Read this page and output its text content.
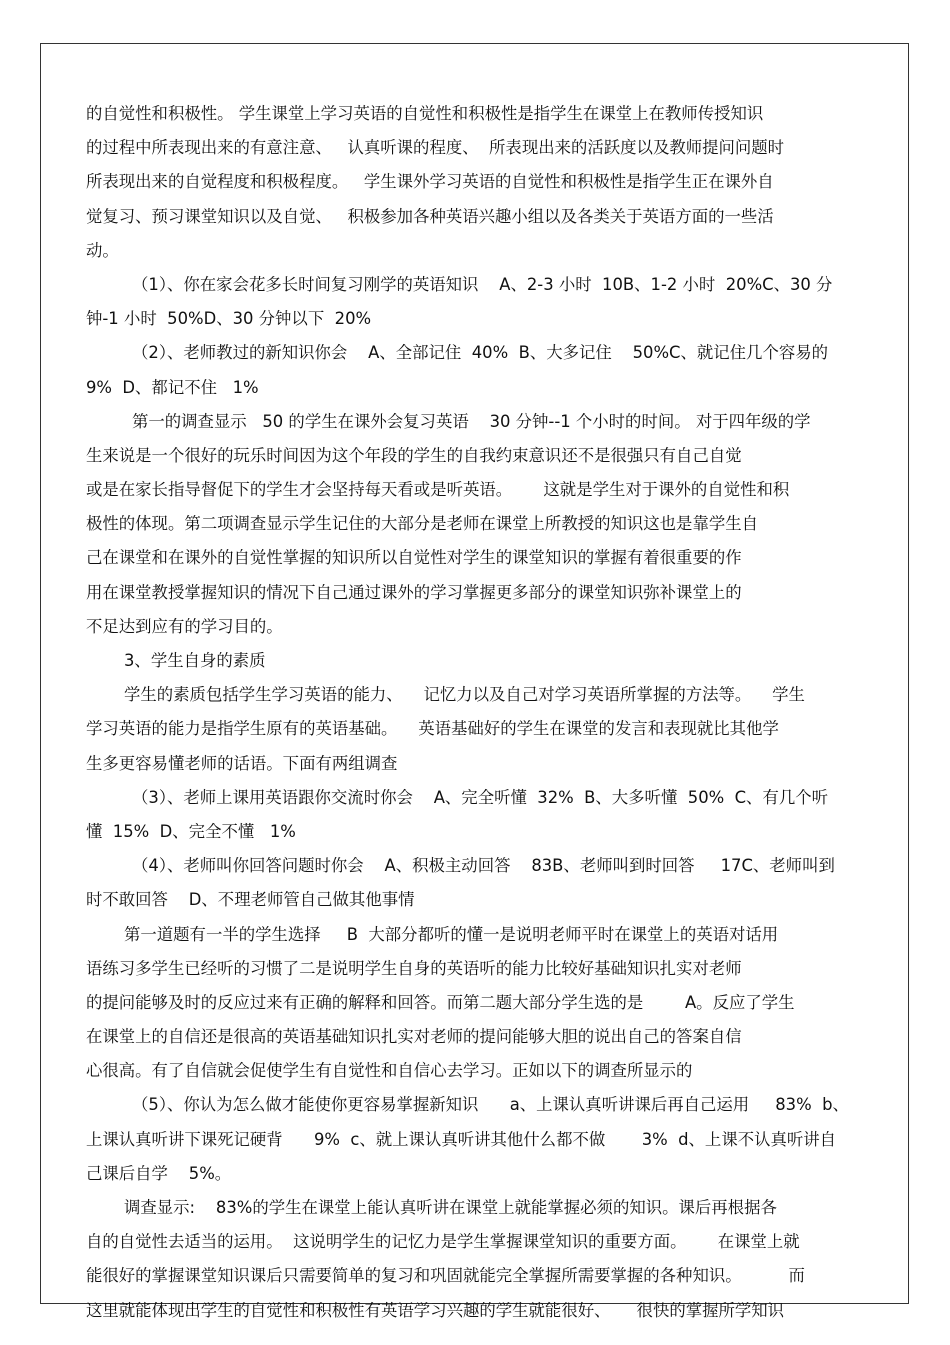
的自觉性和积极性。 学生课堂上学习英语的自觉性和积极性是指学生在课堂上在教师传授知识
的过程中所表现出来的有意注意、   认真听课的程度、  所表现出来的活跃度以及教师提问问题时
所表现出来的自觉程度和积极程度。   学生课外学习英语的自觉性和积极性是指学生正在课外自
觉复习、预习课堂知识以及自觉、   积极参加各种英语兴趣小组以及各类关于英语方面的一些活
动。
（1）、你在家会花多长时间复习刚学的英语知识    A、2-3 小时  10B、1-2 小时  20%C、30 分
钟-1 小时  50%D、30 分钟以下  20%
（2）、老师教过的新知识你会    A、全部记住  40%  B、大多记住    50%C、就记住几个容易的
9%  D、都记不住   1%
第一的调查显示   50 的学生在课外会复习英语    30 分钟--1 个小时的时间。 对于四年级的学
生来说是一个很好的玩乐时间因为这个年段的学生的自我约束意识还不是很强只有自己自觉
或是在家长指导督促下的学生才会坚持每天看或是听英语。      这就是学生对于课外的自觉性和积
极性的体现。第二项调查显示学生记住的大部分是老师在课堂上所教授的知识这也是靠学生自
己在课堂和在课外的自觉性掌握的知识所以自觉性对学生的课堂知识的掌握有着很重要的作
用在课堂教授掌握知识的情况下自己通过课外的学习掌握更多部分的课堂知识弥补课堂上的
不足达到应有的学习目的。
3、学生自身的素质
学生的素质包括学生学习英语的能力、    记忆力以及自己对学习英语所掌握的方法等。    学生
学习英语的能力是指学生原有的英语基础。    英语基础好的学生在课堂的发言和表现就比其他学
生多更容易懂老师的话语。下面有两组调查
（3）、老师上课用英语跟你交流时你会    A、完全听懂  32%  B、大多听懂  50%  C、有几个听
懂  15%  D、完全不懂   1%
（4）、老师叫你回答问题时你会    A、积极主动回答    83B、老师叫到时回答     17C、老师叫到
时不敢回答    D、不理老师管自己做其他事情
第一道题有一半的学生选择     B  大部分都听的懂一是说明老师平时在课堂上的英语对话用
语练习多学生已经听的习惯了二是说明学生自身的英语听的能力比较好基础知识扎实对老师
的提问能够及时的反应过来有正确的解释和回答。而第二题大部分学生选的是        A。反应了学生
在课堂上的自信还是很高的英语基础知识扎实对老师的提问能够大胆的说出自己的答案自信
心很高。有了自信就会促使学生有自觉性和自信心去学习。正如以下的调查所显示的
（5）、你认为怎么做才能使你更容易掌握新知识      a、上课认真听讲课后再自己运用     83%  b、
上课认真听讲下课死记硬背      9%  c、就上课认真听讲其他什么都不做       3%  d、上课不认真听讲自
己课后自学    5%。
调查显示:    83%的学生在课堂上能认真听讲在课堂上就能掌握必须的知识。课后再根据各
自的自觉性去适当的运用。  这说明学生的记忆力是学生掌握课堂知识的重要方面。      在课堂上就
能很好的掌握课堂知识课后只需要简单的复习和巩固就能完全掌握所需要掌握的各种知识。         而
这里就能体现出学生的自觉性和积极性有英语学习兴趣的学生就能很好、     很快的掌握所学知识
